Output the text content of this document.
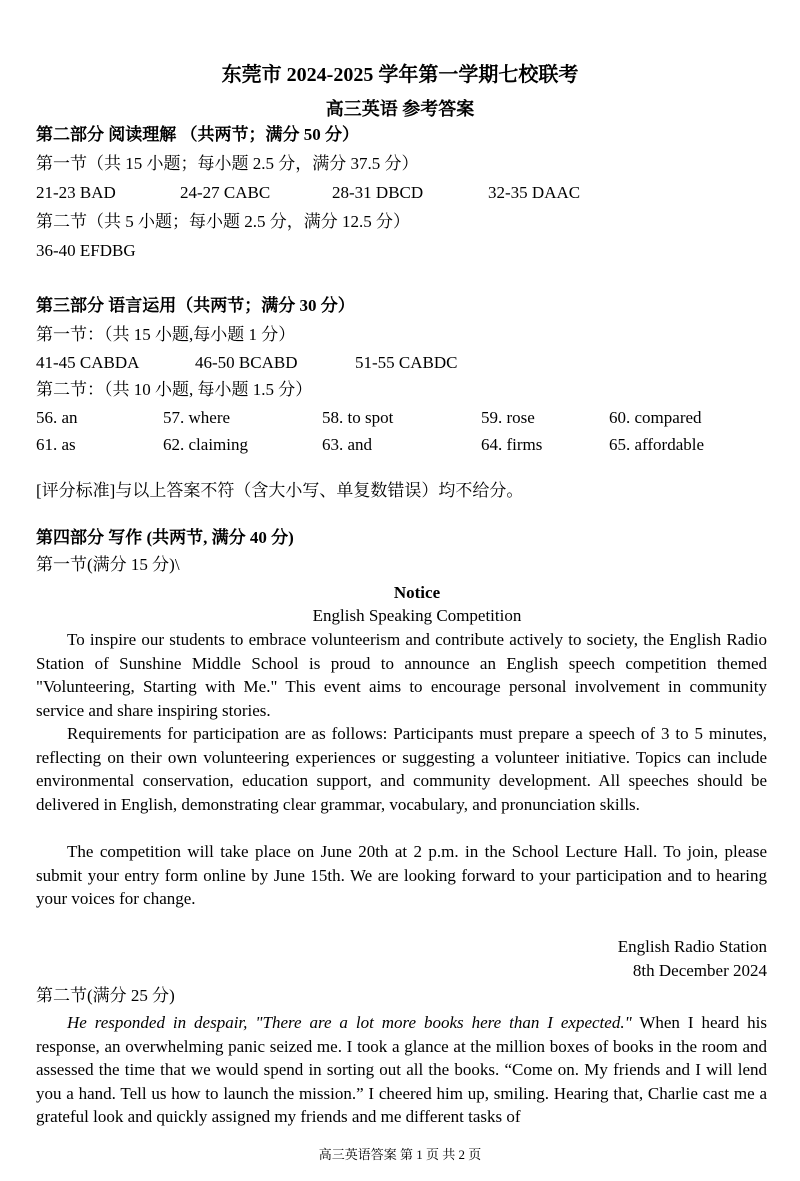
东莞市 2024-2025 学年第一学期七校联考
高三英语 参考答案
第二部分 阅读理解 （共两节；满分 50 分）
第一节（共 15 小题；每小题 2.5 分，满分 37.5 分）
21-23 BAD	24-27 CABC	28-31 DBCD	32-35 DAAC
第二节（共 5 小题；每小题 2.5 分，满分 12.5 分）
36-40 EFDBG
第三部分 语言运用（共两节；满分 30 分）
第一节：（共 15 小题,每小题 1 分）
41-45 CABDA	46-50 BCABD	51-55 CABDC
第二节：（共 10 小题, 每小题 1.5 分）
56. an	57. where	58. to spot	59. rose	60. compared
61. as	62. claiming	63. and	64. firms	65. affordable
[评分标准]与以上答案不符（含大小写、单复数错误）均不给分。
第四部分 写作 (共两节, 满分 40 分)
第一节(满分 15 分)\
Notice
English Speaking Competition

To inspire our students to embrace volunteerism and contribute actively to society, the English Radio Station of Sunshine Middle School is proud to announce an English speech competition themed "Volunteering, Starting with Me." This event aims to encourage personal involvement in community service and share inspiring stories.

Requirements for participation are as follows: Participants must prepare a speech of 3 to 5 minutes, reflecting on their own volunteering experiences or suggesting a volunteer initiative. Topics can include environmental conservation, education support, and community development. All speeches should be delivered in English, demonstrating clear grammar, vocabulary, and pronunciation skills.

The competition will take place on June 20th at 2 p.m. in the School Lecture Hall. To join, please submit your entry form online by June 15th. We are looking forward to your participation and to hearing your voices for change.

English Radio Station
8th December 2024
第二节(满分 25 分)

He responded in despair, "There are a lot more books here than I expected." When I heard his response, an overwhelming panic seized me. I took a glance at the million boxes of books in the room and assessed the time that we would spend in sorting out all the books. “Come on. My friends and I will lend you a hand. Tell us how to launch the mission.” I cheered him up, smiling. Hearing that, Charlie cast me a grateful look and quickly assigned my friends and me different tasks of

高三英语答案 第 1 页 共 2 页
